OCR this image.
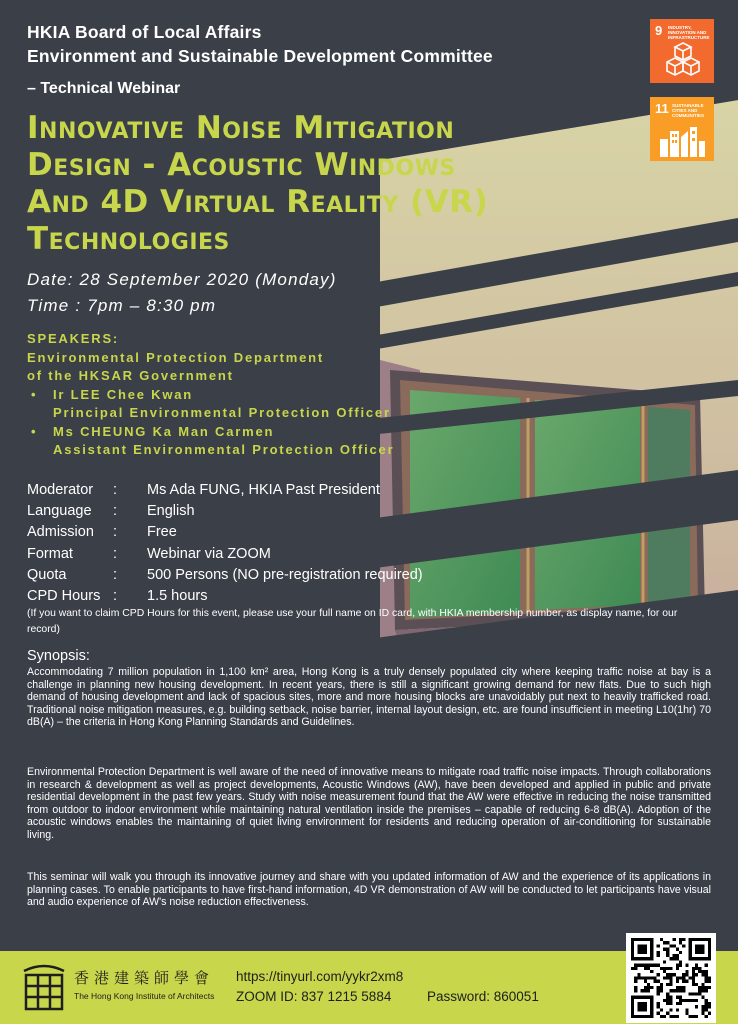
HKIA Board of Local Affairs
Environment and Sustainable Development Committee
– Technical Webinar
Innovative Noise Mitigation
Design - Acoustic Windows
And 4D Virtual Reality (VR)
Technologies
Date: 28 September 2020 (Monday)
Time : 7pm – 8:30 pm
SPEAKERS:
Environmental Protection Department
of the HKSAR Government
• Ir LEE Chee Kwan
Principal Environmental Protection Officer
• Ms CHEUNG Ka Man Carmen
Assistant Environmental Protection Officer
Moderator	:	Ms Ada FUNG, HKIA Past President
Language	:	English
Admission	:	Free
Format	:	Webinar via ZOOM
Quota	:	500 Persons (NO pre-registration required)
CPD Hours :	1.5 hours
(If you want to claim CPD Hours for this event, please use your full name on ID card, with HKIA membership number, as display name, for our record)
Synopsis:
Accommodating 7 million population in 1,100 km² area, Hong Kong is a truly densely populated city where keeping traffic noise at bay is a challenge in planning new housing development. In recent years, there is still a significant growing demand for new flats. Due to such high demand of housing development and lack of spacious sites, more and more housing blocks are unavoidably put next to heavily trafficked road. Traditional noise mitigation measures, e.g. building setback, noise barrier, internal layout design, etc. are found insufficient in meeting L10(1hr) 70 dB(A) – the criteria in Hong Kong Planning Standards and Guidelines.
Environmental Protection Department is well aware of the need of innovative means to mitigate road traffic noise impacts. Through collaborations in research & development as well as project developments, Acoustic Windows (AW), have been developed and applied in public and private residential development in the past few years. Study with noise measurement found that the AW were effective in reducing the noise transmitted from outdoor to indoor environment while maintaining natural ventilation inside the premises – capable of reducing 6-8 dB(A). Adoption of the acoustic windows enables the maintaining of quiet living environment for residents and reducing operation of air-conditioning for sustainable living.
This seminar will walk you through its innovative journey and share with you updated information of AW and the experience of its applications in planning cases. To enable participants to have first-hand information, 4D VR demonstration of AW will be conducted to let participants have visual and audio experience of AW's noise reduction effectiveness.
9 INDUSTRY, INNOVATION AND INFRASTRUCTURE
11 SUSTAINABLE CITIES AND COMMUNITIES
香港建築師學會
The Hong Kong Institute of Architects
https://tinyurl.com/yykr2xm8
ZOOM ID: 837 1215 5884	Password: 860051
